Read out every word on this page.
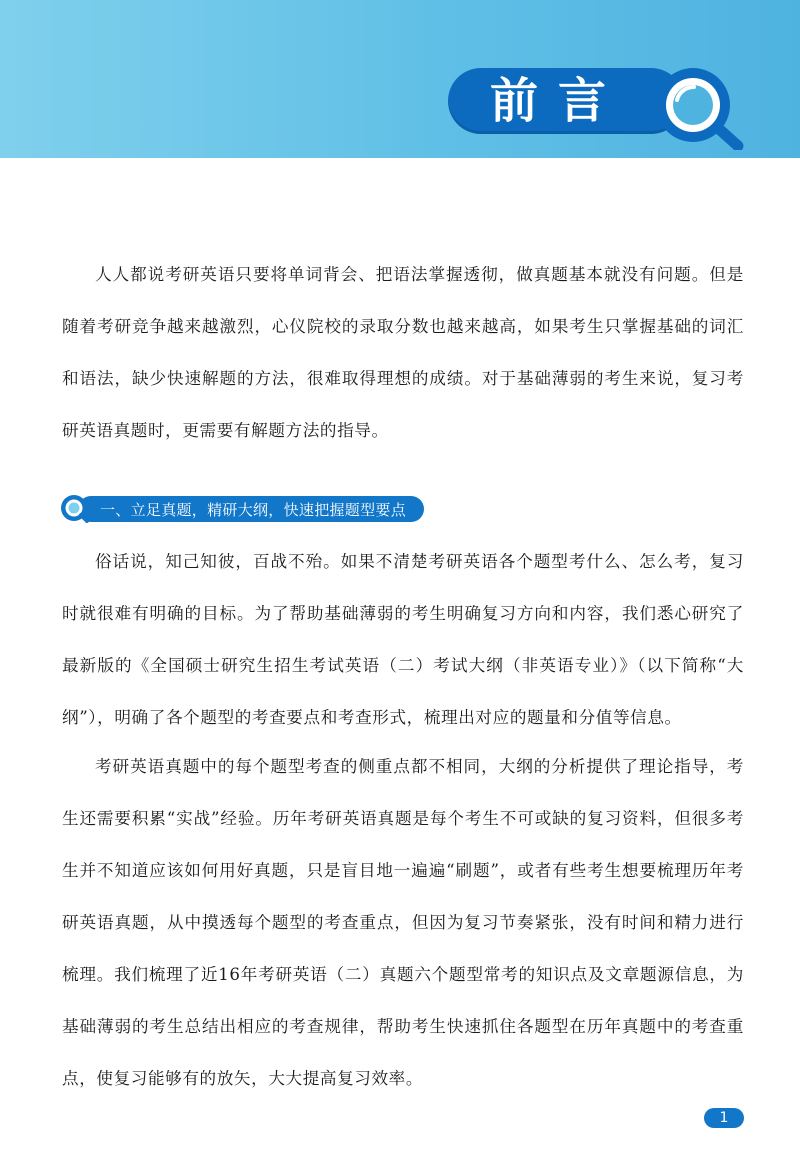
前言

人人都说考研英语只要将单词背会、把语法掌握透彻，做真题基本就没有问题。但是随着考研竞争越来越激烈，心仪院校的录取分数也越来越高，如果考生只掌握基础的词汇和语法，缺少快速解题的方法，很难取得理想的成绩。对于基础薄弱的考生来说，复习考研英语真题时，更需要有解题方法的指导。

一、立足真题，精研大纲，快速把握题型要点

俗话说，知己知彼，百战不殆。如果不清楚考研英语各个题型考什么、怎么考，复习时就很难有明确的目标。为了帮助基础薄弱的考生明确复习方向和内容，我们悉心研究了最新版的《全国硕士研究生招生考试英语（二）考试大纲（非英语专业）》（以下简称“大纲”），明确了各个题型的考查要点和考查形式，梳理出对应的题量和分值等信息。

考研英语真题中的每个题型考查的侧重点都不相同，大纲的分析提供了理论指导，考生还需要积累“实战”经验。历年考研英语真题是每个考生不可或缺的复习资料，但很多考生并不知道应该如何用好真题，只是盲目地一遍遍“刷题”，或者有些考生想要梳理历年考研英语真题，从中摸透每个题型的考查重点，但因为复习节奏紧张，没有时间和精力进行梳理。我们梳理了近16年考研英语（二）真题六个题型常考的知识点及文章题源信息，为基础薄弱的考生总结出相应的考查规律，帮助考生快速抓住各题型在历年真题中的考查重点，使复习能够有的放矢，大大提高复习效率。

1
